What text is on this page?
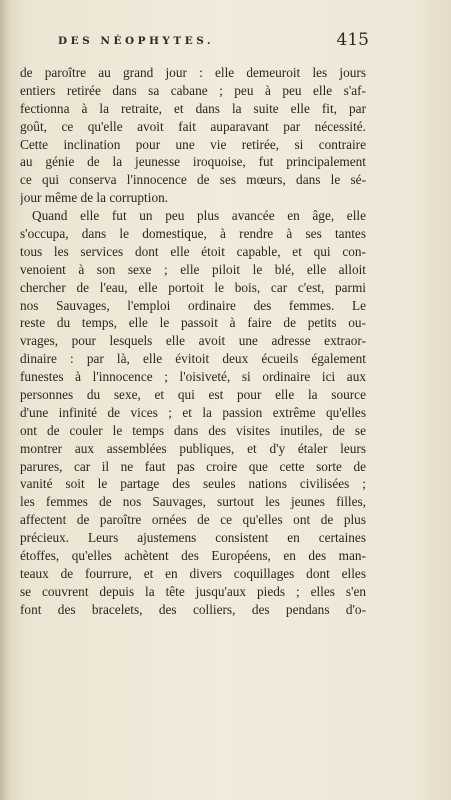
DES NÉOPHYTES.	415
de paroître au grand jour : elle demeuroit les jours
entiers retirée dans sa cabane ; peu à peu elle s'af-
fectionna à la retraite, et dans la suite elle fit, par
goût, ce qu'elle avoit fait auparavant par nécessité.
Cette inclination pour une vie retirée, si contraire
au génie de la jeunesse iroquoise, fut principalement
ce qui conserva l'innocence de ses mœurs, dans le sé-
jour même de la corruption.
Quand elle fut un peu plus avancée en âge, elle
s'occupa, dans le domestique, à rendre à ses tantes
tous les services dont elle étoit capable, et qui con-
venoient à son sexe ; elle piloit le blé, elle alloit
chercher de l'eau, elle portoit le bois, car c'est, parmi
nos Sauvages, l'emploi ordinaire des femmes. Le
reste du temps, elle le passoit à faire de petits ou-
vrages, pour lesquels elle avoit une adresse extraor-
dinaire : par là, elle évitoit deux écueils également
funestes à l'innocence ; l'oisiveté, si ordinaire ici aux
personnes du sexe, et qui est pour elle la source
d'une infinité de vices ; et la passion extrême qu'elles
ont de couler le temps dans des visites inutiles, de se
montrer aux assemblées publiques, et d'y étaler leurs
parures, car il ne faut pas croire que cette sorte de
vanité soit le partage des seules nations civilisées ;
les femmes de nos Sauvages, surtout les jeunes filles,
affectent de paroître ornées de ce qu'elles ont de plus
précieux. Leurs ajustemens consistent en certaines
étoffes, qu'elles achètent des Européens, en des man-
teaux de fourrure, et en divers coquillages dont elles
se couvrent depuis la tête jusqu'aux pieds ; elles s'en
font des bracelets, des colliers, des pendans d'o-
